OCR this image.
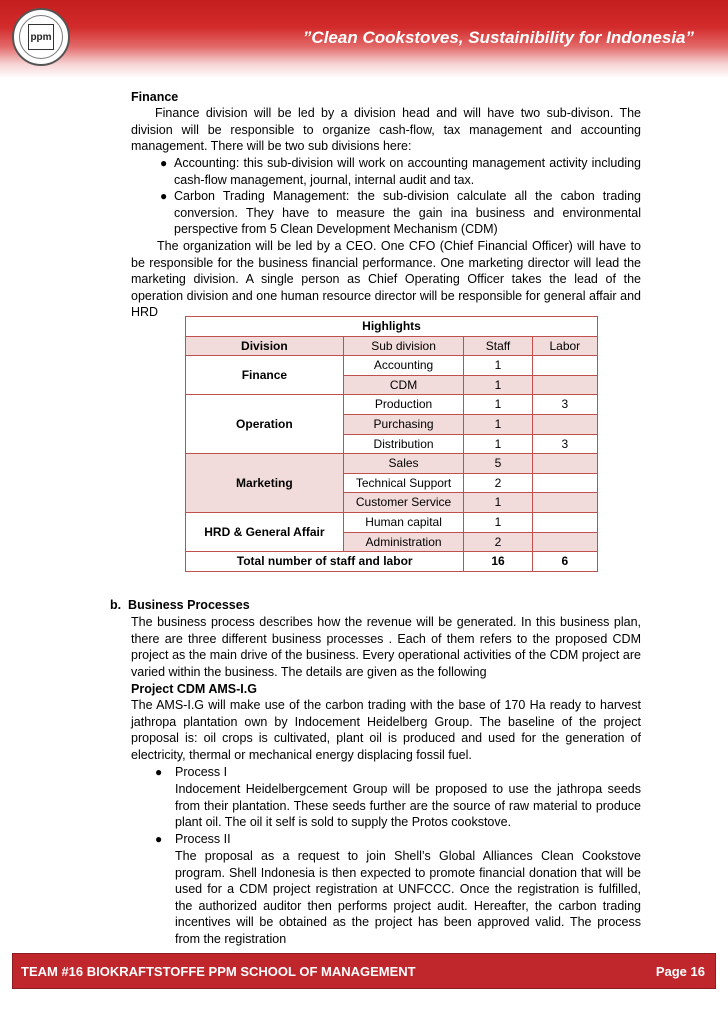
ppm	”Clean Cookstoves, Sustainibility for Indonesia”
Finance
Finance division will be led by a division head and will have two sub-divison. The division will be responsible to organize cash-flow, tax management and accounting management. There will be two sub divisions here:
● Accounting: this sub-division will work on accounting management activity including cash-flow management, journal, internal audit and tax.
● Carbon Trading Management: the sub-division calculate all the cabon trading conversion. They have to measure the gain ina business and environmental perspective from 5 Clean Development Mechanism (CDM)
The organization will be led by a CEO. One CFO (Chief Financial Officer) will have to be responsible for the business financial performance. One marketing director will lead the marketing division. A single person as Chief Operating Officer takes the lead of the operation division and one human resource director will be responsible for general affair and HRD
Highlights			
Division	Sub division	Staff	Labor
Finance	Accounting	1	
	CDM	1	
Operation	Production	1	3
	Purchasing	1	
	Distribution	1	3
Marketing	Sales	5	
	Technical Support	2	
	Customer Service	1	
HRD & General Affair	Human capital	1	
	Administration	2	
Total number of staff and labor		16	6
b.  Business Processes
The business process describes how the revenue will be generated. In this business plan, there are three different business processes . Each of them refers to the proposed CDM project as the main drive of the business. Every operational activities of the CDM project are varied within the business. The details are given as the following
Project CDM AMS-I.G
The AMS-I.G will make use of the carbon trading with the base of 170 Ha ready to harvest jathropa plantation own by Indocement Heidelberg Group. The baseline of the project proposal is: oil crops is cultivated, plant oil is produced and used for the generation of electricity, thermal or mechanical energy displacing fossil fuel.
● Process I
Indocement Heidelbergcement Group will be proposed to use the jathropa seeds from their plantation. These seeds further are the source of raw material to produce plant oil. The oil it self is sold to supply the Protos cookstove.
● Process II
The proposal as a request to join Shell’s Global Alliances Clean Cookstove program. Shell Indonesia is then expected to promote financial donation that will be used for a CDM project registration at UNFCCC. Once the registration is fulfilled, the authorized auditor then performs project audit. Hereafter, the carbon trading incentives will be obtained as the project has been approved valid. The process from the registration
TEAM #16 BIOKRAFTSTOFFE PPM SCHOOL OF MANAGEMENT	Page 16
